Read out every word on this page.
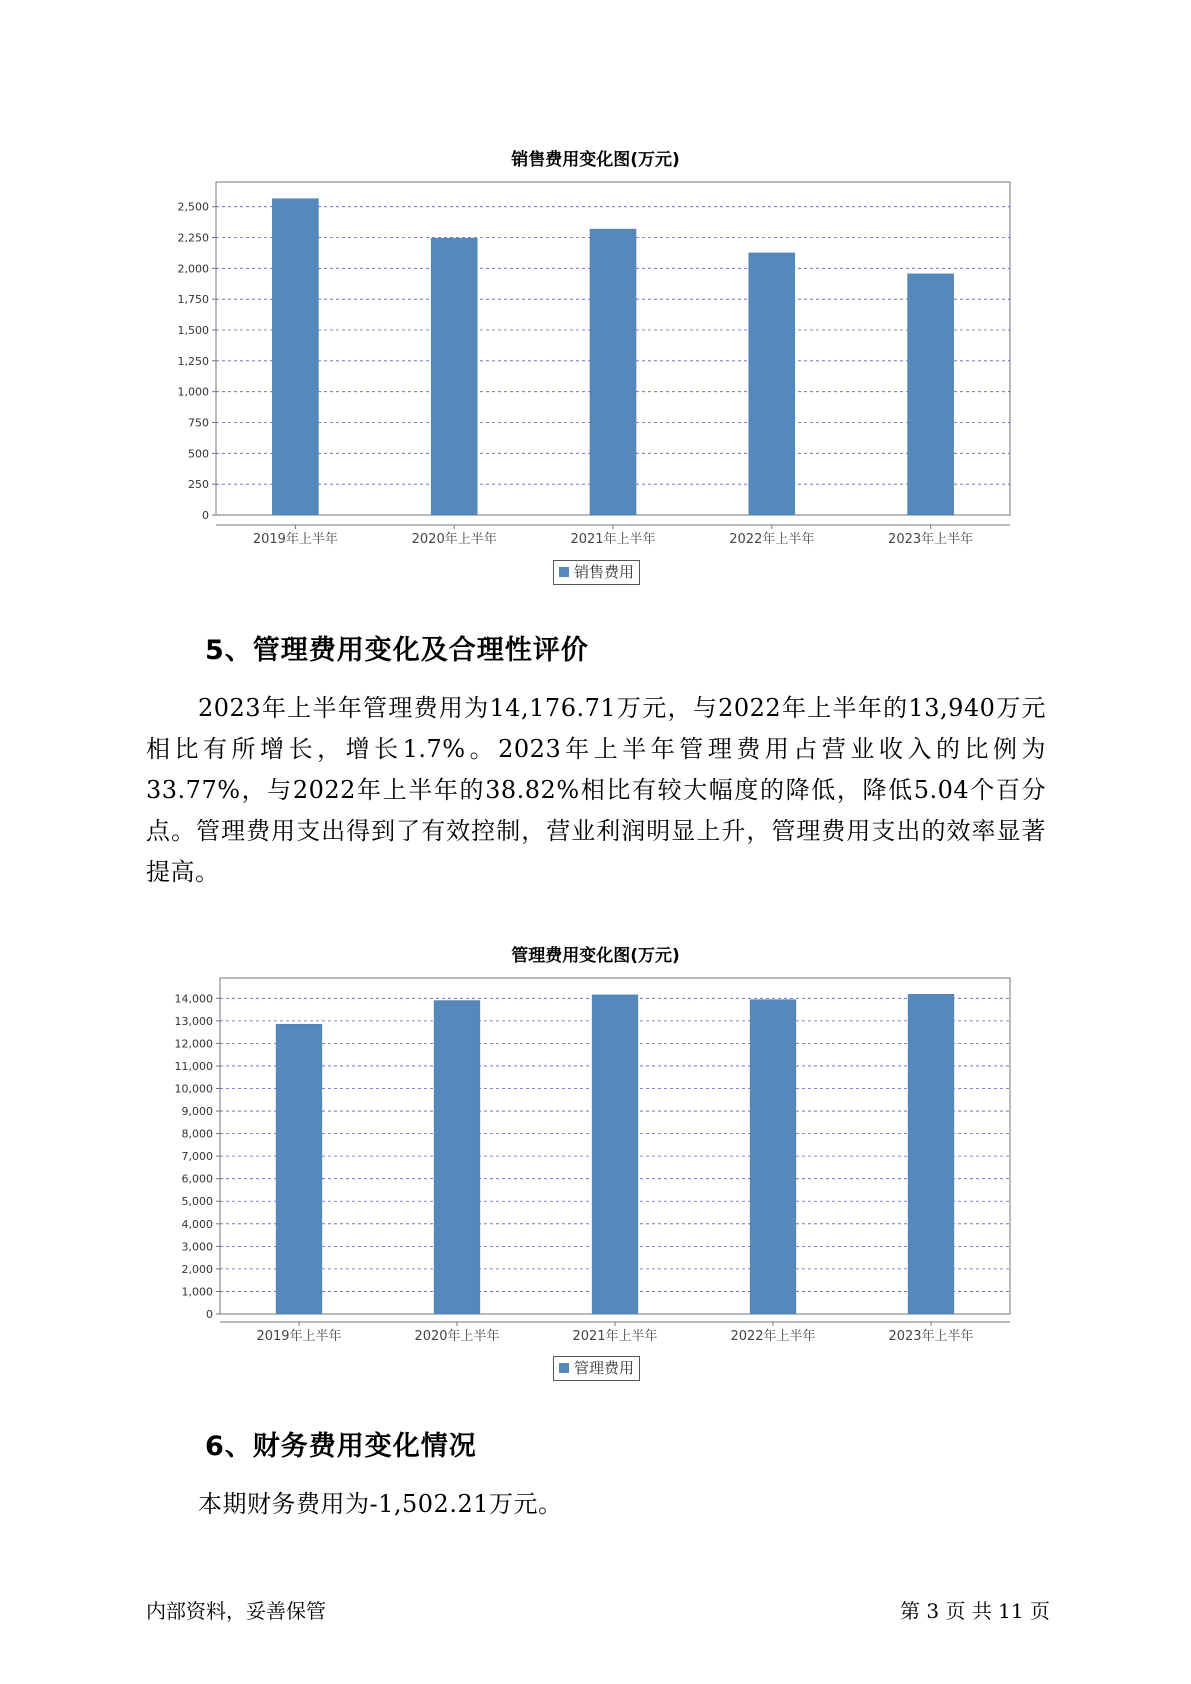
销售费用变化图(万元)
0
250
500
750
1,000
1,250
1,500
1,750
2,000
2,250
2,500
2019年上半年	2020年上半年	2021年上半年	2022年上半年	2023年上半年
销售费用
5、管理费用变化及合理性评价
2023年上半年管理费用为14,176.71万元，与2022年上半年的13,940万元相比有所增长，增长1.7%。2023年上半年管理费用占营业收入的比例为33.77%，与2022年上半年的38.82%相比有较大幅度的降低，降低5.04个百分点。管理费用支出得到了有效控制，营业利润明显上升，管理费用支出的效率显著提高。
管理费用变化图(万元)
0
1,000
2,000
3,000
4,000
5,000
6,000
7,000
8,000
9,000
10,000
11,000
12,000
13,000
14,000
2019年上半年	2020年上半年	2021年上半年	2022年上半年	2023年上半年
管理费用
6、财务费用变化情况
本期财务费用为-1,502.21万元。
内部资料，妥善保管	第 3 页 共 11 页
